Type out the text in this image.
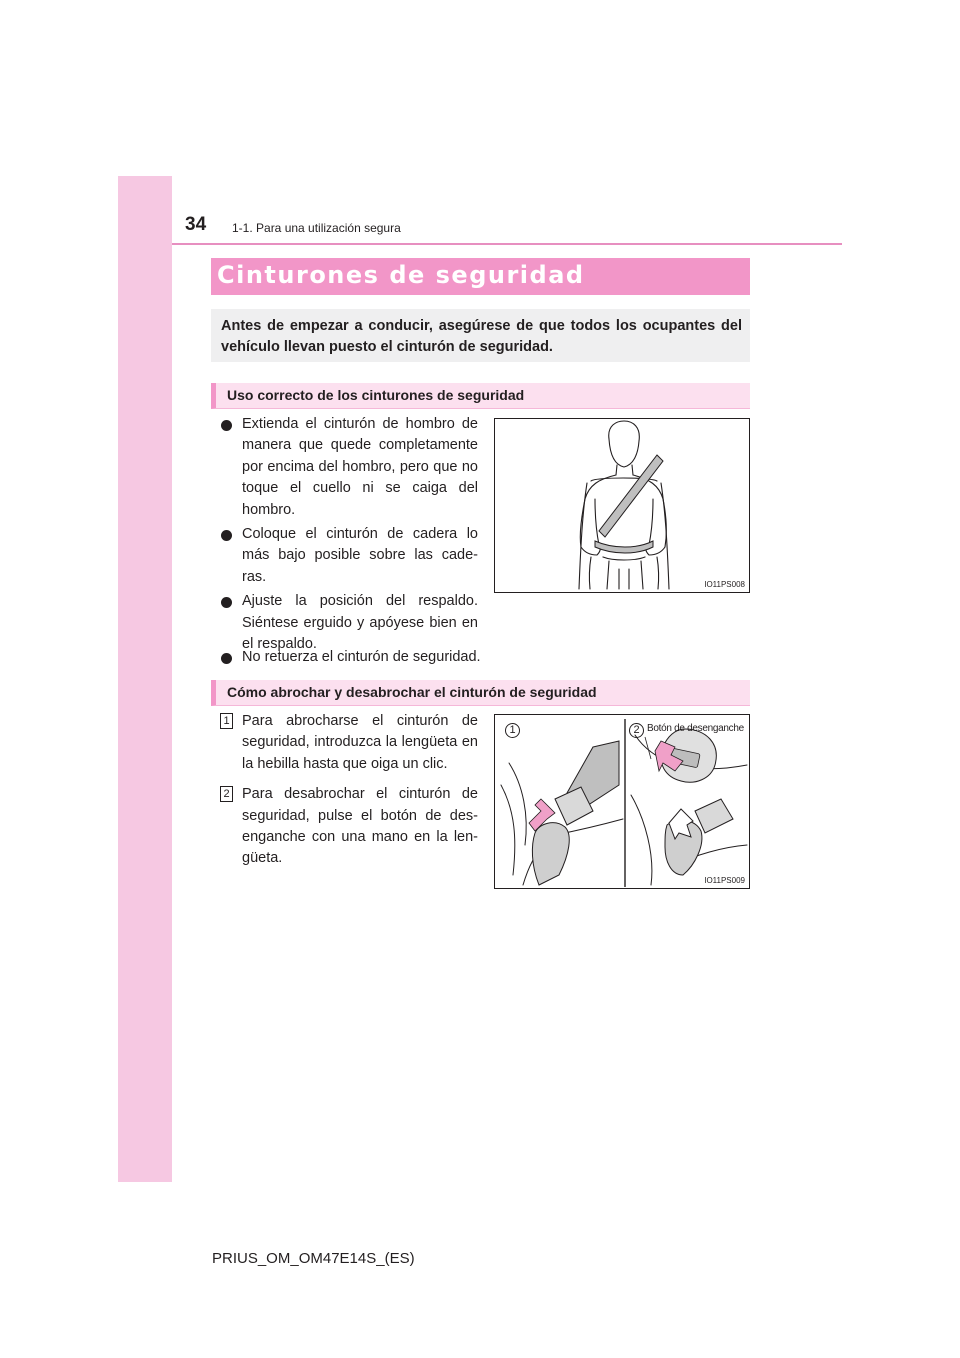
34 1-1. Para una utilización segura
Cinturones de seguridad
Antes de empezar a conducir, asegúrese de que todos los ocupantes del vehículo llevan puesto el cinturón de seguridad.
Uso correcto de los cinturones de seguridad
Extienda el cinturón de hombro de manera que quede completamente por encima del hombro, pero que no toque el cuello ni se caiga del hombro.
Coloque el cinturón de cadera lo más bajo posible sobre las cade-ras.
Ajuste la posición del respaldo. Siéntese erguido y apóyese bien en el respaldo.
No retuerza el cinturón de seguridad.
IO11PS008
Cómo abrochar y desabrochar el cinturón de seguridad
1 Para abrocharse el cinturón de seguridad, introduzca la lengüeta en la hebilla hasta que oiga un clic.
2 Para desabrochar el cinturón de seguridad, pulse el botón de des-enganche con una mano en la len-güeta.
1	2 Botón de desenganche
IO11PS009
PRIUS_OM_OM47E14S_(ES)
